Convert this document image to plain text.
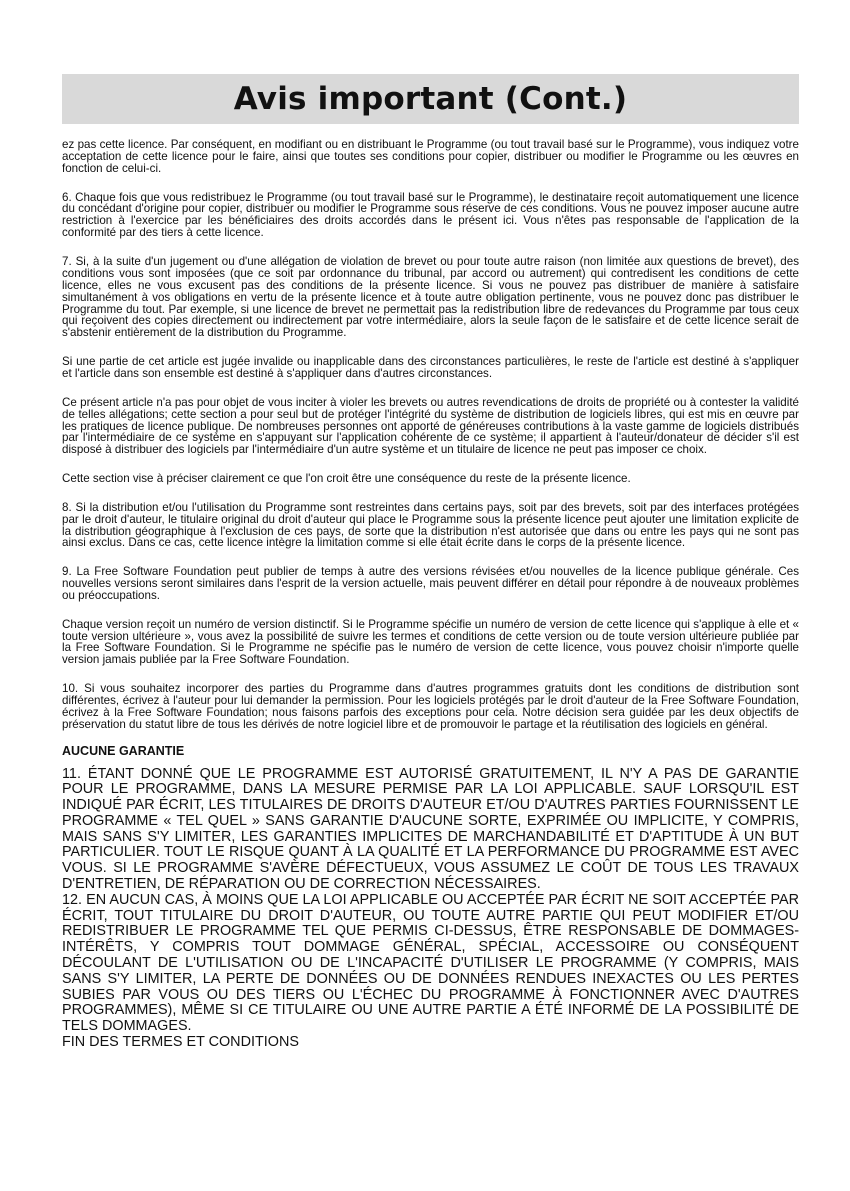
Avis important (Cont.)

ez pas cette licence. Par conséquent, en modifiant ou en distribuant le Programme (ou tout travail basé sur le Programme), vous indiquez votre acceptation de cette licence pour le faire, ainsi que toutes ses conditions pour copier, distribuer ou modifier le Programme ou les œuvres en fonction de celui-ci.

6. Chaque fois que vous redistribuez le Programme (ou tout travail basé sur le Programme), le destinataire reçoit automatiquement une licence du concédant d'origine pour copier, distribuer ou modifier le Programme sous réserve de ces conditions. Vous ne pouvez imposer aucune autre restriction à l'exercice par les bénéficiaires des droits accordés dans le présent ici. Vous n'êtes pas responsable de l'application de la conformité par des tiers à cette licence.

7. Si, à la suite d'un jugement ou d'une allégation de violation de brevet ou pour toute autre raison (non limitée aux questions de brevet), des conditions vous sont imposées (que ce soit par ordonnance du tribunal, par accord ou autrement) qui contredisent les conditions de cette licence, elles ne vous excusent pas des conditions de la présente licence. Si vous ne pouvez pas distribuer de manière à satisfaire simultanément à vos obligations en vertu de la présente licence et à toute autre obligation pertinente, vous ne pouvez donc pas distribuer le Programme du tout. Par exemple, si une licence de brevet ne permettait pas la redistribution libre de redevances du Programme par tous ceux qui reçoivent des copies directement ou indirectement par votre intermédiaire, alors la seule façon de le satisfaire et de cette licence serait de s'abstenir entièrement de la distribution du Programme.

Si une partie de cet article est jugée invalide ou inapplicable dans des circonstances particulières, le reste de l'article est destiné à s'appliquer et l'article dans son ensemble est destiné à s'appliquer dans d'autres circonstances.

Ce présent article n'a pas pour objet de vous inciter à violer les brevets ou autres revendications de droits de propriété ou à contester la validité de telles allégations; cette section a pour seul but de protéger l'intégrité du système de distribution de logiciels libres, qui est mis en œuvre par les pratiques de licence publique. De nombreuses personnes ont apporté de généreuses contributions à la vaste gamme de logiciels distribués par l'intermédiaire de ce système en s'appuyant sur l'application cohérente de ce système; il appartient à l'auteur/donateur de décider s'il est disposé à distribuer des logiciels par l'intermédiaire d'un autre système et un titulaire de licence ne peut pas imposer ce choix.

Cette section vise à préciser clairement ce que l'on croit être une conséquence du reste de la présente licence.

8. Si la distribution et/ou l'utilisation du Programme sont restreintes dans certains pays, soit par des brevets, soit par des interfaces protégées par le droit d'auteur, le titulaire original du droit d'auteur qui place le Programme sous la présente licence peut ajouter une limitation explicite de la distribution géographique à l'exclusion de ces pays, de sorte que la distribution n'est autorisée que dans ou entre les pays qui ne sont pas ainsi exclus. Dans ce cas, cette licence intègre la limitation comme si elle était écrite dans le corps de la présente licence.

9. La Free Software Foundation peut publier de temps à autre des versions révisées et/ou nouvelles de la licence publique générale. Ces nouvelles versions seront similaires dans l'esprit de la version actuelle, mais peuvent différer en détail pour répondre à de nouveaux problèmes ou préoccupations.

Chaque version reçoit un numéro de version distinctif. Si le Programme spécifie un numéro de version de cette licence qui s'applique à elle et « toute version ultérieure », vous avez la possibilité de suivre les termes et conditions de cette version ou de toute version ultérieure publiée par la Free Software Foundation. Si le Programme ne spécifie pas le numéro de version de cette licence, vous pouvez choisir n'importe quelle version jamais publiée par la Free Software Foundation.

10. Si vous souhaitez incorporer des parties du Programme dans d'autres programmes gratuits dont les conditions de distribution sont différentes, écrivez à l'auteur pour lui demander la permission. Pour les logiciels protégés par le droit d'auteur de la Free Software Foundation, écrivez à la Free Software Foundation; nous faisons parfois des exceptions pour cela. Notre décision sera guidée par les deux objectifs de préservation du statut libre de tous les dérivés de notre logiciel libre et de promouvoir le partage et la réutilisation des logiciels en général.

AUCUNE GARANTIE

11. ÉTANT DONNÉ QUE LE PROGRAMME EST AUTORISÉ GRATUITEMENT, IL N'Y A PAS DE GARANTIE POUR LE PROGRAMME, DANS LA MESURE PERMISE PAR LA LOI APPLICABLE. SAUF LORSQU'IL EST INDIQUÉ PAR ÉCRIT, LES TITULAIRES DE DROITS D'AUTEUR ET/OU D'AUTRES PARTIES FOURNISSENT LE PROGRAMME « TEL QUEL » SANS GARANTIE D'AUCUNE SORTE, EXPRIMÉE OU IMPLICITE, Y COMPRIS, MAIS SANS S'Y LIMITER, LES GARANTIES IMPLICITES DE MARCHANDABILITÉ ET D'APTITUDE À UN BUT PARTICULIER. TOUT LE RISQUE QUANT À LA QUALITÉ ET LA PERFORMANCE DU PROGRAMME EST AVEC VOUS. SI LE PROGRAMME S'AVÈRE DÉFECTUEUX, VOUS ASSUMEZ LE COÛT DE TOUS LES TRAVAUX D'ENTRETIEN, DE RÉPARATION OU DE CORRECTION NÉCESSAIRES.

12. EN AUCUN CAS, À MOINS QUE LA LOI APPLICABLE OU ACCEPTÉE PAR ÉCRIT NE SOIT ACCEPTÉE PAR ÉCRIT, TOUT TITULAIRE DU DROIT D'AUTEUR, OU TOUTE AUTRE PARTIE QUI PEUT MODIFIER ET/OU REDISTRIBUER LE PROGRAMME TEL QUE PERMIS CI-DESSUS, ÊTRE RESPONSABLE DE DOMMAGES-INTÉRÊTS, Y COMPRIS TOUT DOMMAGE GÉNÉRAL, SPÉCIAL, ACCESSOIRE OU CONSÉQUENT DÉCOULANT DE L'UTILISATION OU DE L'INCAPACITÉ D'UTILISER LE PROGRAMME (Y COMPRIS, MAIS SANS S'Y LIMITER, LA PERTE DE DONNÉES OU DE DONNÉES RENDUES INEXACTES OU LES PERTES SUBIES PAR VOUS OU DES TIERS OU L'ÉCHEC DU PROGRAMME À FONCTIONNER AVEC D'AUTRES PROGRAMMES), MÊME SI CE TITULAIRE OU UNE AUTRE PARTIE A ÉTÉ INFORMÉ DE LA POSSIBILITÉ DE TELS DOMMAGES.

FIN DES TERMES ET CONDITIONS
